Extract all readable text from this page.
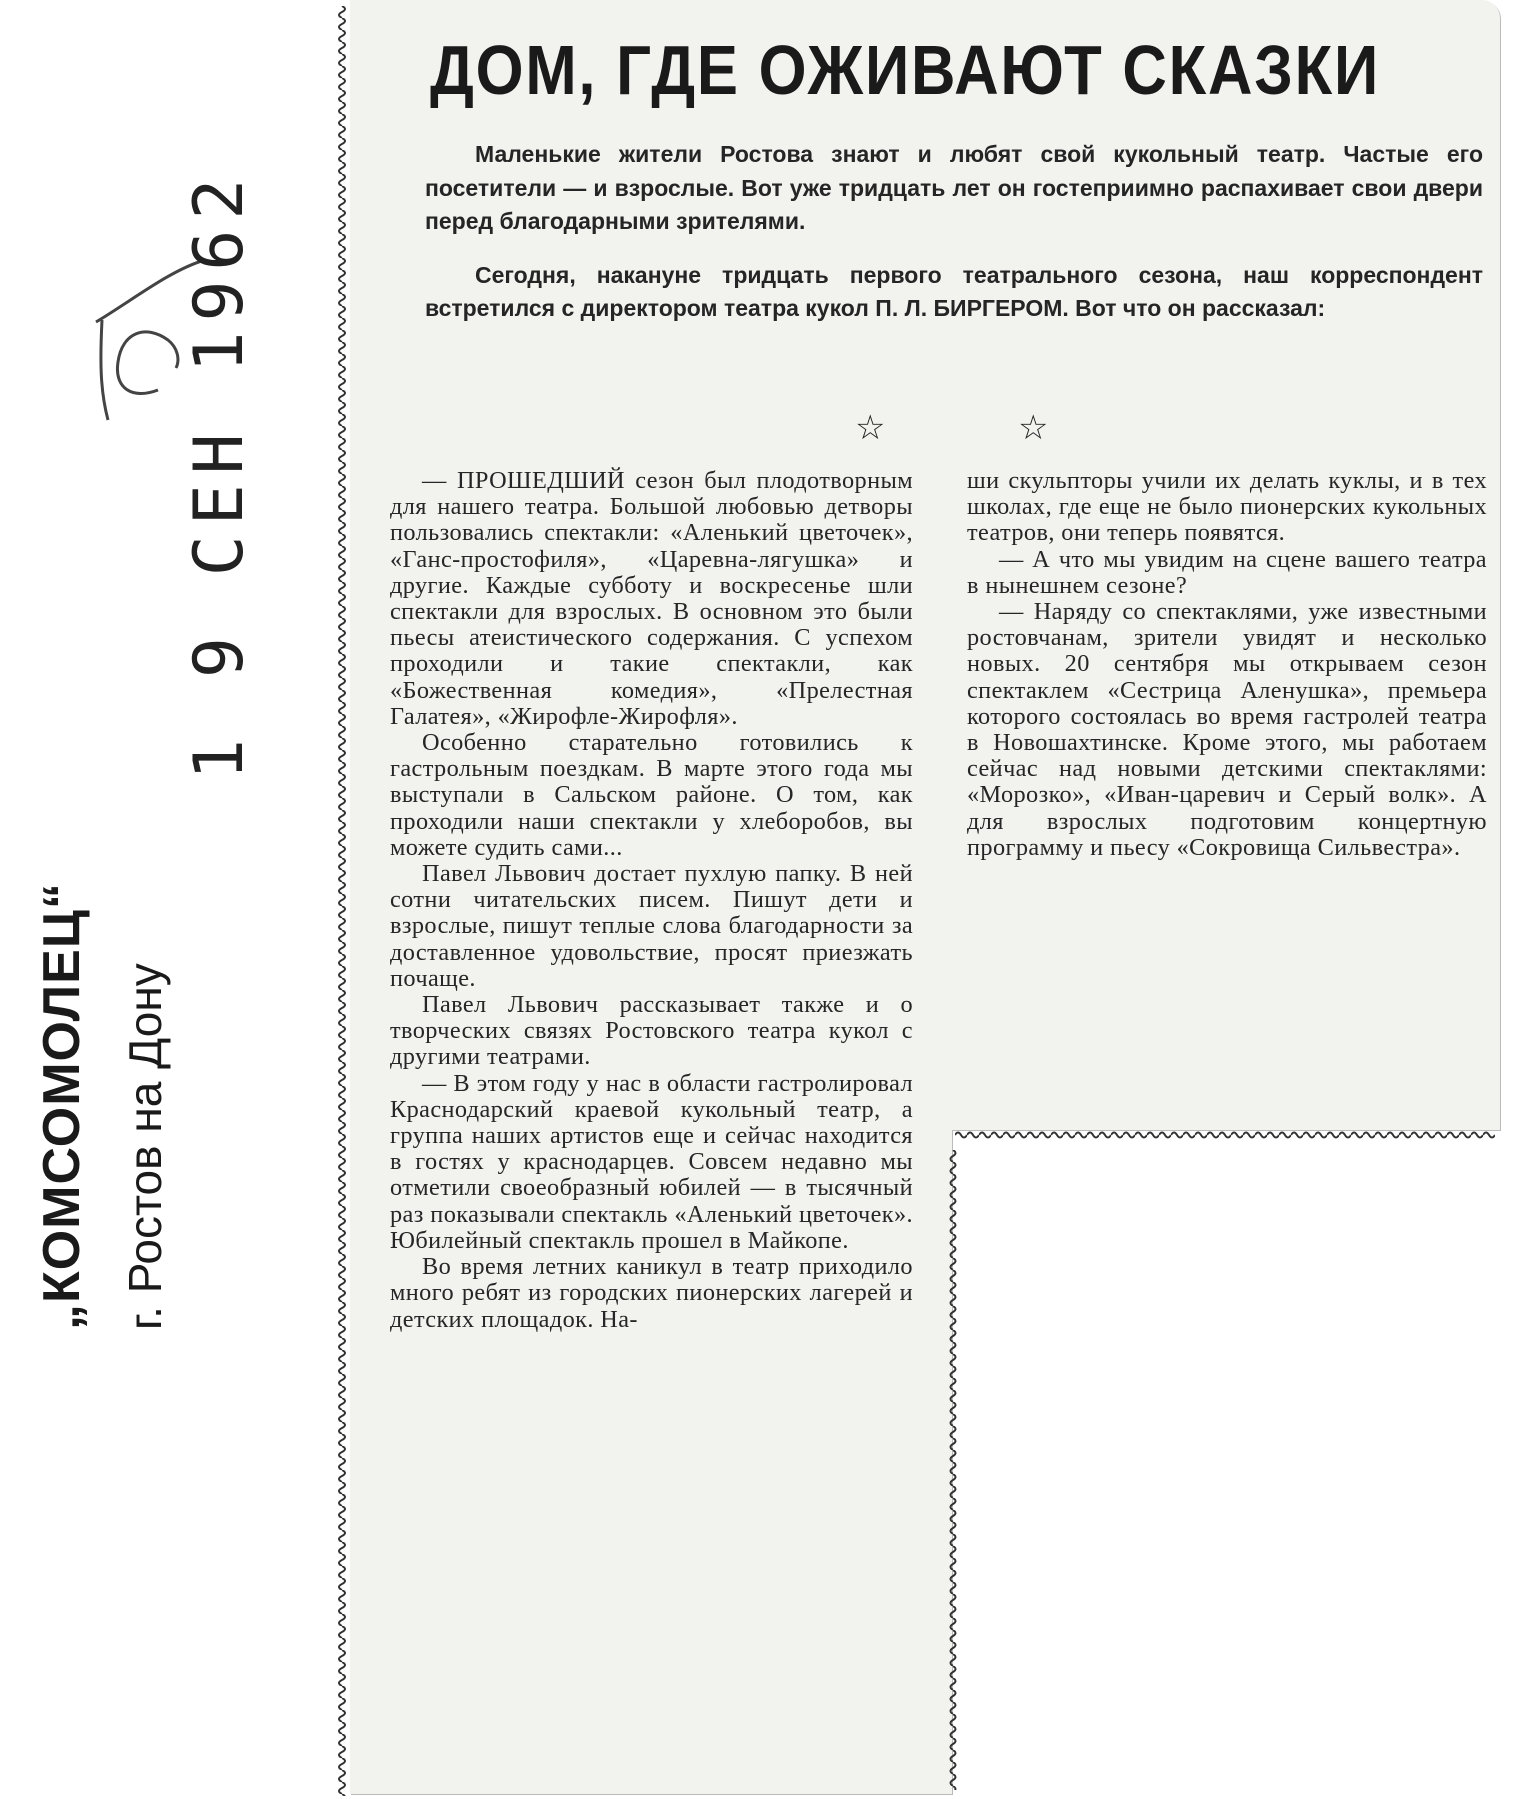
„КОМСОМОЛЕЦ“ г. Ростов на Дону
1 9 СЕН 1962
ДОМ, ГДЕ ОЖИВАЮТ СКАЗКИ

Маленькие жители Ростова знают и любят свой кукольный театр. Частые его посетители — и взрослые. Вот уже тридцать лет он гостеприимно распахивает свои двери перед благодарными зрителями.

Сегодня, накануне тридцать первого театрального сезона, наш корреспондент встретился с директором театра кукол П. Л. БИРГЕРОМ. Вот что он рассказал:

☆	☆

— ПРОШЕДШИЙ сезон был плодотворным для нашего театра. Большой любовью детворы пользовались спектакли: «Аленький цветочек», «Ганс-простофиля», «Царевна-лягушка» и другие. Каждые субботу и воскресенье шли спектакли для взрослых. В основном это были пьесы атеистического содержания. С успехом проходили и такие спектакли, как «Божественная комедия», «Прелестная Галатея», «Жирофле-Жирофля».

Особенно старательно готовились к гастрольным поездкам. В марте этого года мы выступали в Сальском районе. О том, как проходили наши спектакли у хлеборобов, вы можете судить сами...

Павел Львович достает пухлую папку. В ней сотни читательских писем. Пишут дети и взрослые, пишут теплые слова благодарности за доставленное удовольствие, просят приезжать почаще.

Павел Львович рассказывает также и о творческих связях Ростовского театра кукол с другими театрами.

— В этом году у нас в области гастролировал Краснодарский краевой кукольный театр, а группа наших артистов еще и сейчас находится в гостях у краснодарцев. Совсем недавно мы отметили своеобразный юбилей — в тысячный раз показывали спектакль «Аленький цветочек». Юбилейный спектакль прошел в Майкопе.

Во время летних каникул в театр приходило много ребят из городских пионерских лагерей и детских площадок. На-

ши скульпторы учили их делать куклы, и в тех школах, где еще не было пионерских кукольных театров, они теперь появятся.

— А что мы увидим на сцене вашего театра в нынешнем сезоне?

— Наряду со спектаклями, уже известными ростовчанам, зрители увидят и несколько новых. 20 сентября мы открываем сезон спектаклем «Сестрица Аленушка», премьера которого состоялась во время гастролей театра в Новошахтинске. Кроме этого, мы работаем сейчас над новыми детскими спектаклями: «Морозко», «Иван-царевич и Серый волк». А для взрослых подготовим концертную программу и пьесу «Сокровища Сильвестра».
